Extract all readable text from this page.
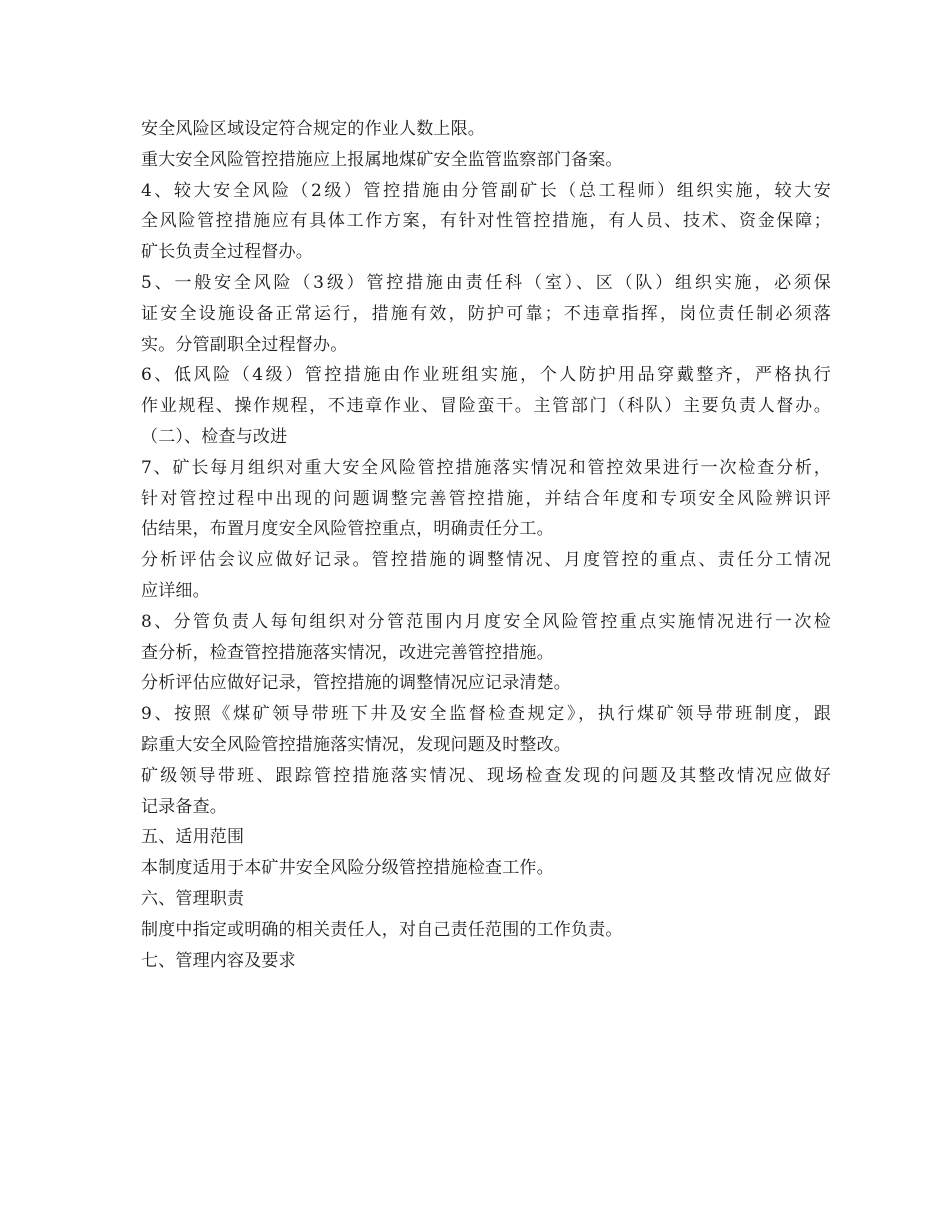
安全风险区域设定符合规定的作业人数上限。
重大安全风险管控措施应上报属地煤矿安全监管监察部门备案。
4、较大安全风险（2级）管控措施由分管副矿长（总工程师）组织实施，较大安
全风险管控措施应有具体工作方案，有针对性管控措施，有人员、技术、资金保障；
矿长负责全过程督办。
5、一般安全风险（3级）管控措施由责任科（室）、区（队）组织实施，必须保
证安全设施设备正常运行，措施有效，防护可靠；不违章指挥，岗位责任制必须落
实。分管副职全过程督办。
6、低风险（4级）管控措施由作业班组实施，个人防护用品穿戴整齐，严格执行
作业规程、操作规程，不违章作业、冒险蛮干。主管部门（科队）主要负责人督办。
（二）、检查与改进
7、矿长每月组织对重大安全风险管控措施落实情况和管控效果进行一次检查分析，
针对管控过程中出现的问题调整完善管控措施，并结合年度和专项安全风险辨识评
估结果，布置月度安全风险管控重点，明确责任分工。
分析评估会议应做好记录。管控措施的调整情况、月度管控的重点、责任分工情况
应详细。
8、分管负责人每旬组织对分管范围内月度安全风险管控重点实施情况进行一次检
查分析，检查管控措施落实情况，改进完善管控措施。
分析评估应做好记录，管控措施的调整情况应记录清楚。
9、按照《煤矿领导带班下井及安全监督检查规定》，执行煤矿领导带班制度，跟
踪重大安全风险管控措施落实情况，发现问题及时整改。
矿级领导带班、跟踪管控措施落实情况、现场检查发现的问题及其整改情况应做好
记录备查。
五、适用范围
本制度适用于本矿井安全风险分级管控措施检查工作。
六、管理职责
制度中指定或明确的相关责任人，对自己责任范围的工作负责。
七、管理内容及要求
